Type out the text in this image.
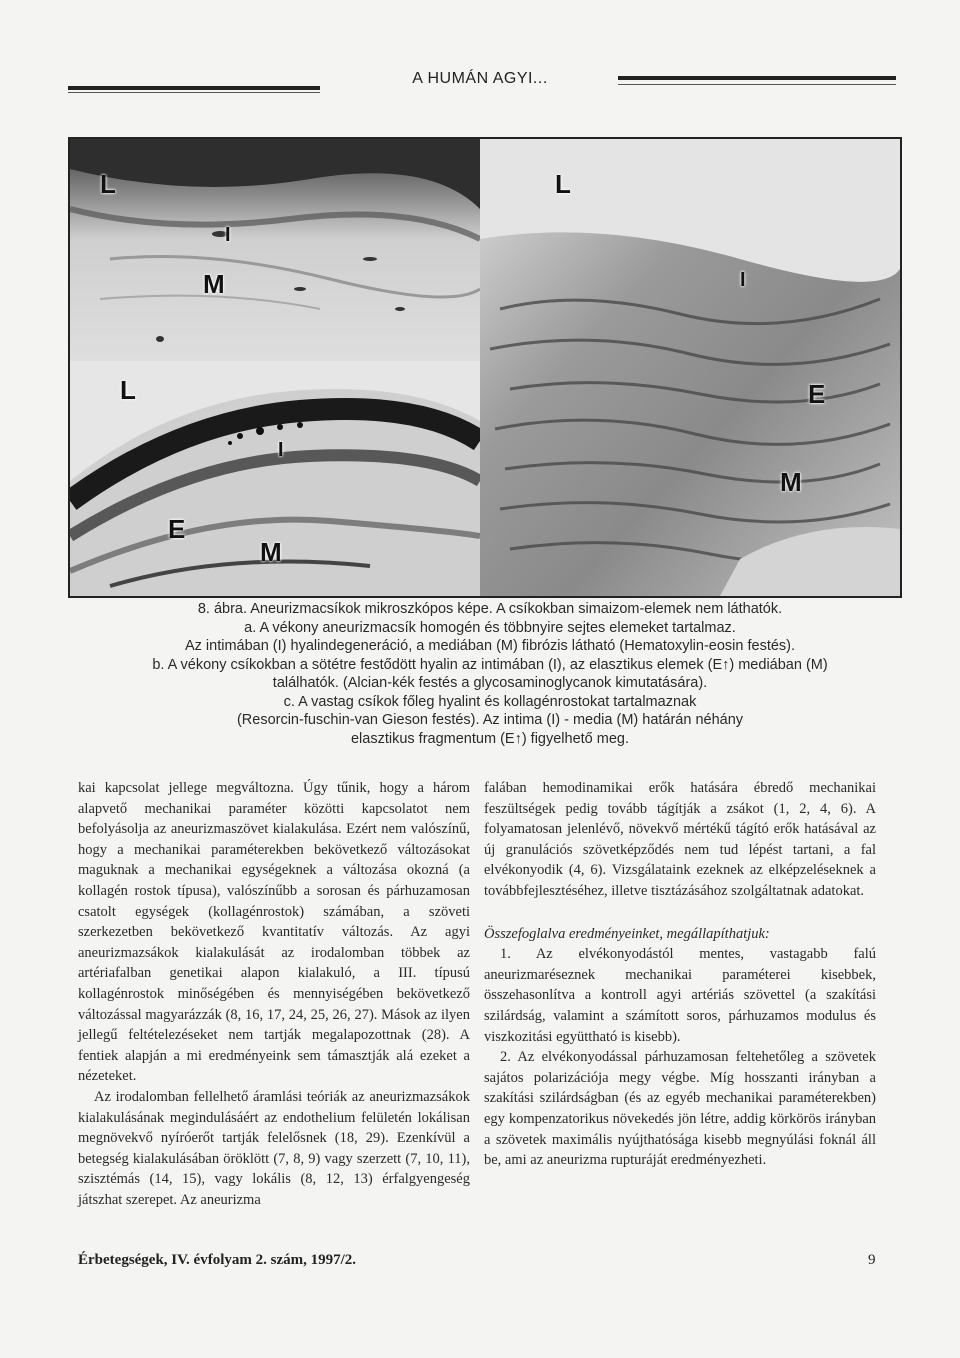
A HUMÁN AGYI...
L
I
M
L
I
E
M
L
I
E
M
8. ábra. Aneurizmacsíkok mikroszkópos képe. A csíkokban simaizom-elemek nem láthatók.
a. A vékony aneurizmacsík homogén és többnyire sejtes elemeket tartalmaz.
Az intimában (I) hyalindegeneráció, a mediában (M) fibrózis látható (Hematoxylin-eosin festés).
b. A vékony csíkokban a sötétre festődött hyalin az intimában (I), az elasztikus elemek (E↑) mediában (M)
találhatók. (Alcian-kék festés a glycosaminoglycanok kimutatására).
c. A vastag csíkok főleg hyalint és kollagénrostokat tartalmaznak
(Resorcin-fuschin-van Gieson festés). Az intima (I) - media (M) határán néhány
elasztikus fragmentum (E↑) figyelhető meg.

kai kapcsolat jellege megváltozna. Úgy tűnik, hogy a három alapvető mechanikai paraméter közötti kapcsolatot nem befolyásolja az aneurizmaszövet kialakulása. Ezért nem valószínű, hogy a mechanikai paraméterekben bekövetkező változásokat maguknak a mechanikai egységeknek a változása okozná (a kollagén rostok típusa), valószínűbb a sorosan és párhuzamosan csatolt egységek (kollagénrostok) számában, a szöveti szerkezetben bekövetkező kvantitatív változás. Az agyi aneurizmazsákok kialakulását az irodalomban többek az artériafalban genetikai alapon kialakuló, a III. típusú kollagénrostok minőségében és mennyiségében bekövetkező változással magyarázzák (8, 16, 17, 24, 25, 26, 27). Mások az ilyen jellegű feltételezéseket nem tartják megalapozottnak (28). A fentiek alapján a mi eredményeink sem támasztják alá ezeket a nézeteket.

Az irodalomban fellelhető áramlási teóriák az aneurizmazsákok kialakulásának megindulásáért az endothelium felületén lokálisan megnövekvő nyíróerőt tartják felelősnek (18, 29). Ezenkívül a betegség kialakulásában öröklött (7, 8, 9) vagy szerzett (7, 10, 11), szisztémás (14, 15), vagy lokális (8, 12, 13) érfalgyengeség játszhat szerepet. Az aneurizma

falában hemodinamikai erők hatására ébredő mechanikai feszültségek pedig tovább tágítják a zsákot (1, 2, 4, 6). A folyamatosan jelenlévő, növekvő mértékű tágító erők hatásával az új granulációs szövetképződés nem tud lépést tartani, a fal elvékonyodik (4, 6). Vizsgálataink ezeknek az elképzeléseknek a továbbfejlesztéséhez, illetve tisztázásához szolgáltatnak adatokat.

Összefoglalva eredményeinket, megállapíthatjuk:

1. Az elvékonyodástól mentes, vastagabb falú aneurizmaréseznek mechanikai paraméterei kisebbek, összehasonlítva a kontroll agyi artériás szövettel (a szakítási szilárdság, valamint a számított soros, párhuzamos modulus és viszkozitási együttható is kisebb).

2. Az elvékonyodással párhuzamosan feltehetőleg a szövetek sajátos polarizációja megy végbe. Míg hosszanti irányban a szakítási szilárdságban (és az egyéb mechanikai paraméterekben) egy kompenzatorikus növekedés jön létre, addig körkörös irányban a szövetek maximális nyújthatósága kisebb megnyúlási foknál áll be, ami az aneurizma rupturáját eredményezheti.

Érbetegségek, IV. évfolyam 2. szám, 1997/2.	9
